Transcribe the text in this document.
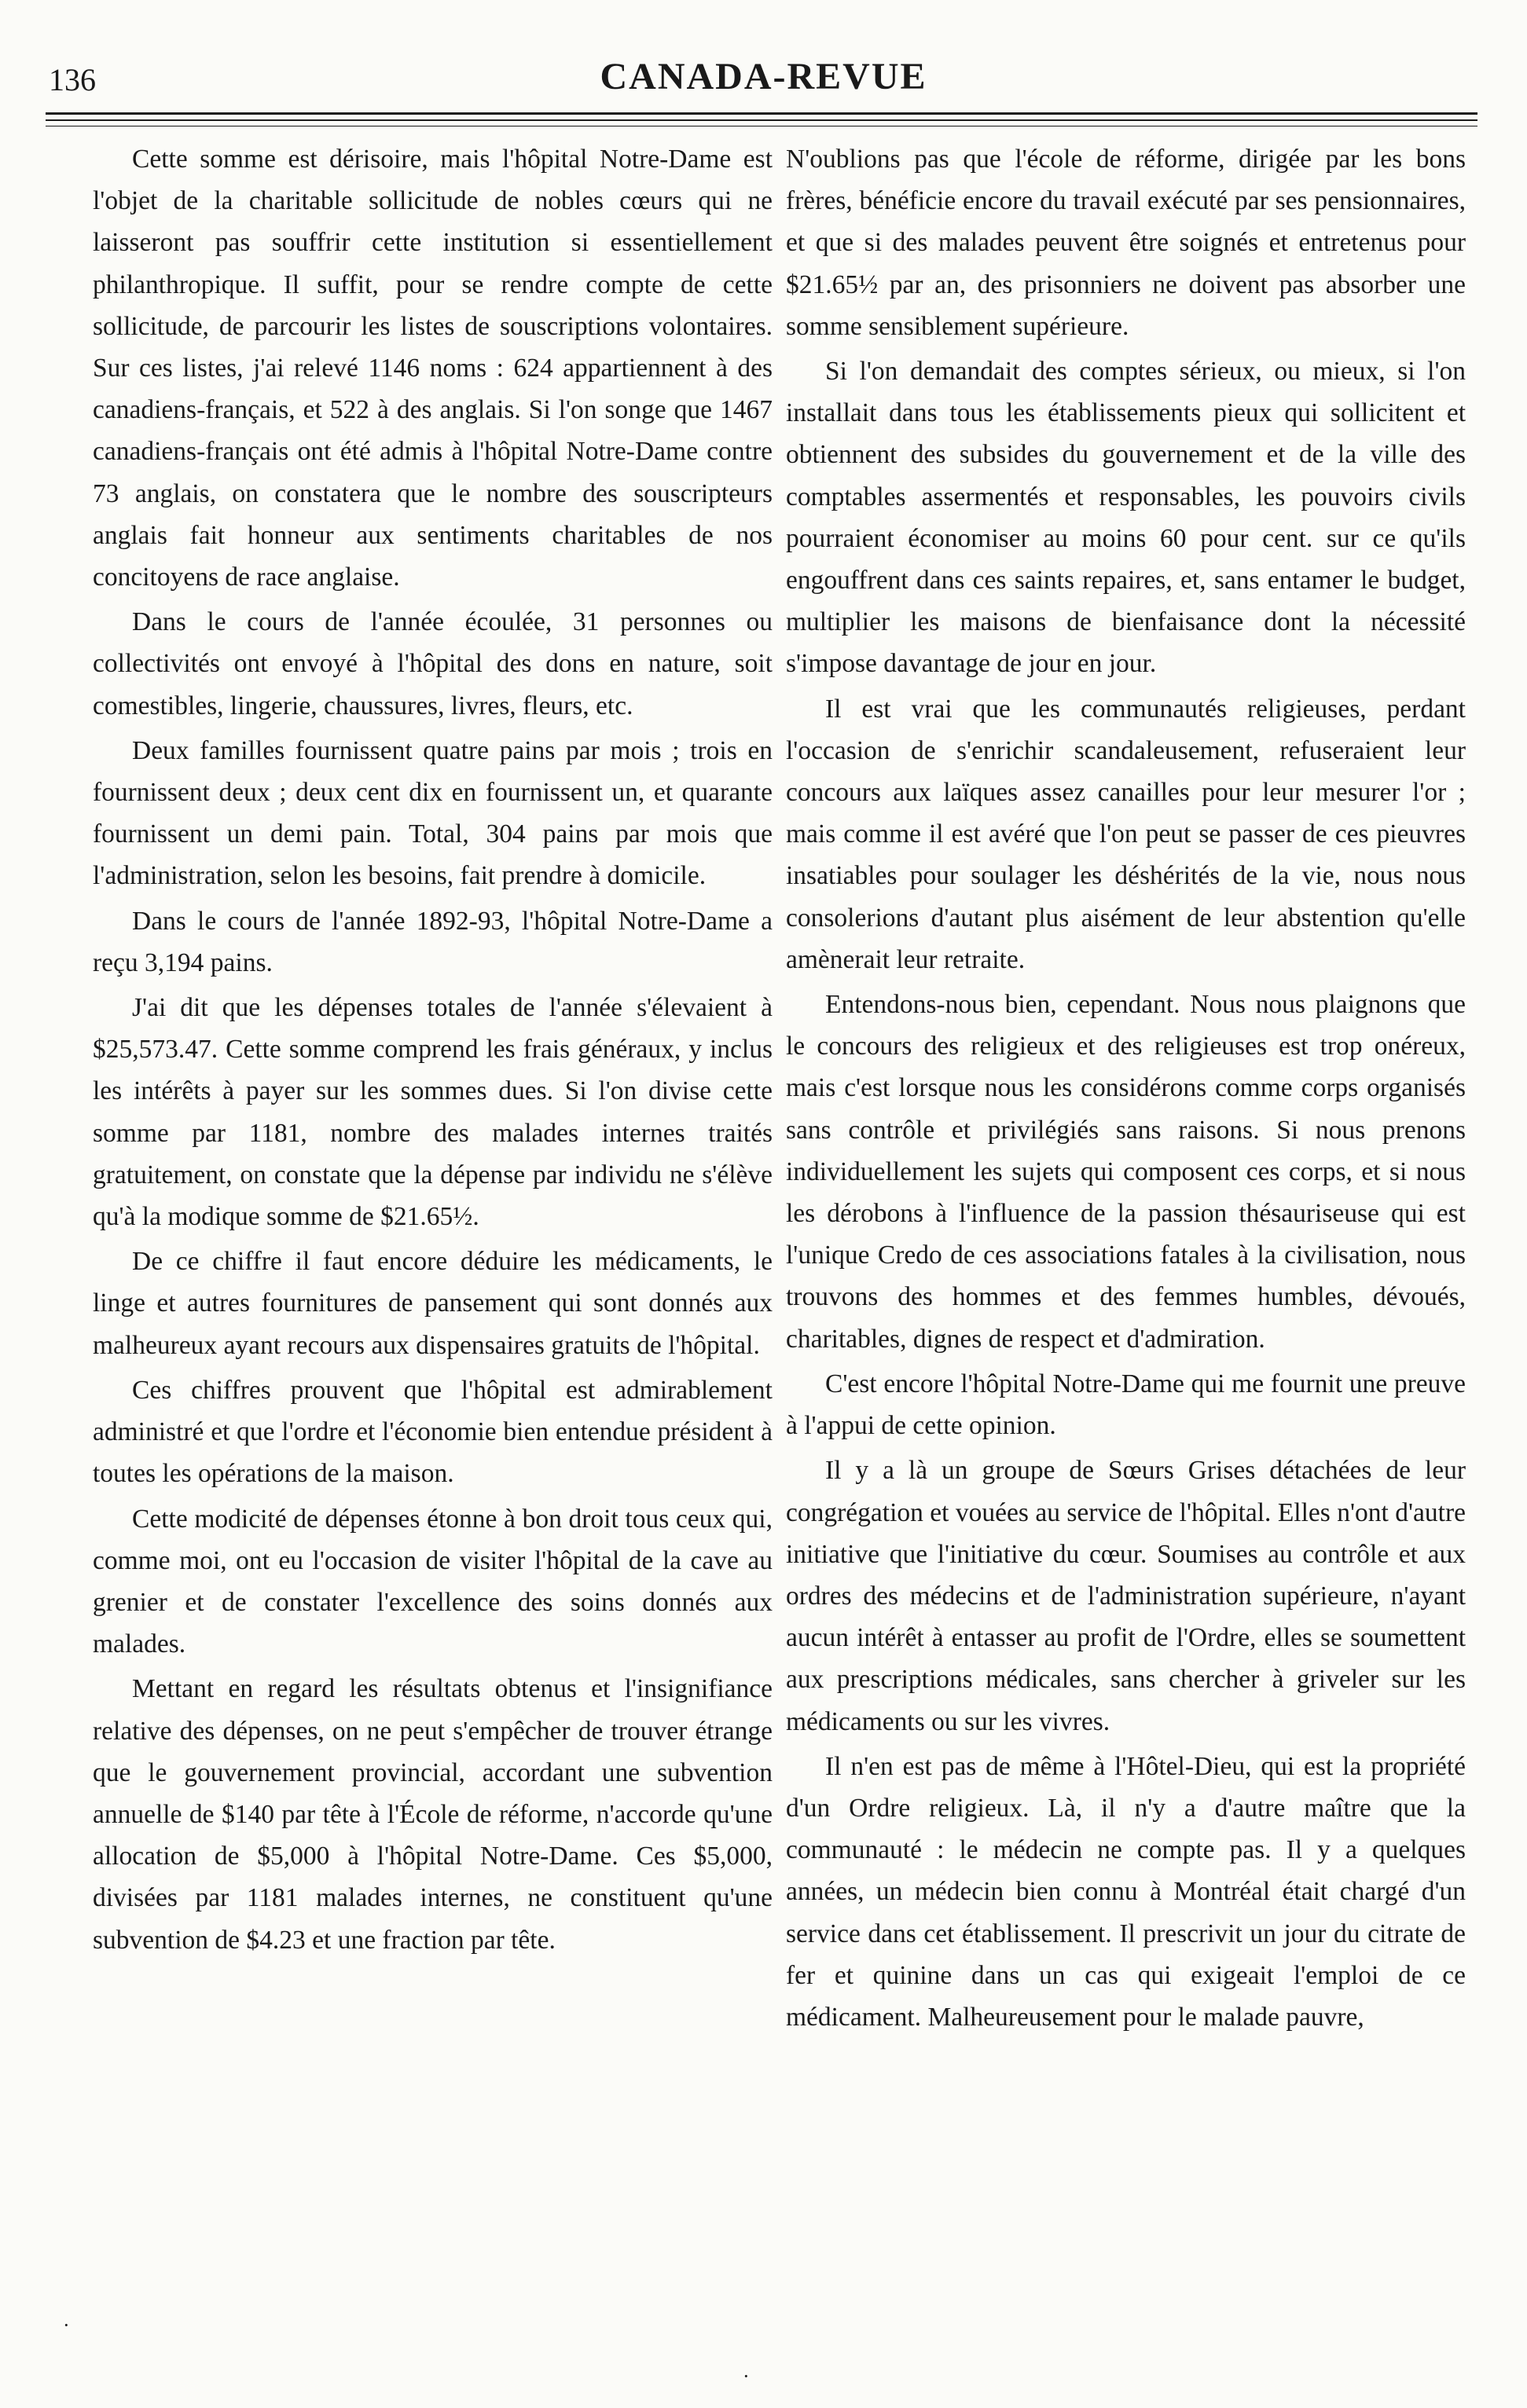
136	CANADA-REVUE

Cette somme est dérisoire, mais l'hôpital Notre-Dame est l'objet de la charitable sollicitude de nobles cœurs qui ne laisseront pas souffrir cette institution si essentiellement philanthropique. Il suffit, pour se rendre compte de cette sollicitude, de parcourir les listes de souscriptions volontaires. Sur ces listes, j'ai relevé 1146 noms : 624 appartiennent à des canadiens-français, et 522 à des anglais. Si l'on songe que 1467 canadiens-français ont été admis à l'hôpital Notre-Dame contre 73 anglais, on constatera que le nombre des souscripteurs anglais fait honneur aux sentiments charitables de nos concitoyens de race anglaise.

Dans le cours de l'année écoulée, 31 personnes ou collectivités ont envoyé à l'hôpital des dons en nature, soit comestibles, lingerie, chaussures, livres, fleurs, etc.

Deux familles fournissent quatre pains par mois ; trois en fournissent deux ; deux cent dix en fournissent un, et quarante fournissent un demi pain. Total, 304 pains par mois que l'administration, selon les besoins, fait prendre à domicile.

Dans le cours de l'année 1892-93, l'hôpital Notre-Dame a reçu 3,194 pains.

J'ai dit que les dépenses totales de l'année s'élevaient à $25,573.47. Cette somme comprend les frais généraux, y inclus les intérêts à payer sur les sommes dues. Si l'on divise cette somme par 1181, nombre des malades internes traités gratuitement, on constate que la dépense par individu ne s'élève qu'à la modique somme de $21.65½.

De ce chiffre il faut encore déduire les médicaments, le linge et autres fournitures de pansement qui sont donnés aux malheureux ayant recours aux dispensaires gratuits de l'hôpital.

Ces chiffres prouvent que l'hôpital est admirablement administré et que l'ordre et l'économie bien entendue président à toutes les opérations de la maison.

Cette modicité de dépenses étonne à bon droit tous ceux qui, comme moi, ont eu l'occasion de visiter l'hôpital de la cave au grenier et de constater l'excellence des soins donnés aux malades.

Mettant en regard les résultats obtenus et l'insignifiance relative des dépenses, on ne peut s'empêcher de trouver étrange que le gouvernement provincial, accordant une subvention annuelle de $140 par tête à l'École de réforme, n'accorde qu'une allocation de $5,000 à l'hôpital Notre-Dame. Ces $5,000, divisées par 1181 malades internes, ne constituent qu'une subvention de $4.23 et une fraction par tête.

N'oublions pas que l'école de réforme, dirigée par les bons frères, bénéficie encore du travail exécuté par ses pensionnaires, et que si des malades peuvent être soignés et entretenus pour $21.65½ par an, des prisonniers ne doivent pas absorber une somme sensiblement supérieure.

Si l'on demandait des comptes sérieux, ou mieux, si l'on installait dans tous les établissements pieux qui sollicitent et obtiennent des subsides du gouvernement et de la ville des comptables assermentés et responsables, les pouvoirs civils pourraient économiser au moins 60 pour cent. sur ce qu'ils engouffrent dans ces saints repaires, et, sans entamer le budget, multiplier les maisons de bienfaisance dont la nécessité s'impose davantage de jour en jour.

Il est vrai que les communautés religieuses, perdant l'occasion de s'enrichir scandaleusement, refuseraient leur concours aux laïques assez canailles pour leur mesurer l'or ; mais comme il est avéré que l'on peut se passer de ces pieuvres insatiables pour soulager les déshérités de la vie, nous nous consolerions d'autant plus aisément de leur abstention qu'elle amènerait leur retraite.

Entendons-nous bien, cependant. Nous nous plaignons que le concours des religieux et des religieuses est trop onéreux, mais c'est lorsque nous les considérons comme corps organisés sans contrôle et privilégiés sans raisons. Si nous prenons individuellement les sujets qui composent ces corps, et si nous les dérobons à l'influence de la passion thésauriseuse qui est l'unique Credo de ces associations fatales à la civilisation, nous trouvons des hommes et des femmes humbles, dévoués, charitables, dignes de respect et d'admiration.

C'est encore l'hôpital Notre-Dame qui me fournit une preuve à l'appui de cette opinion.

Il y a là un groupe de Sœurs Grises détachées de leur congrégation et vouées au service de l'hôpital. Elles n'ont d'autre initiative que l'initiative du cœur. Soumises au contrôle et aux ordres des médecins et de l'administration supérieure, n'ayant aucun intérêt à entasser au profit de l'Ordre, elles se soumettent aux prescriptions médicales, sans chercher à griveler sur les médicaments ou sur les vivres.

Il n'en est pas de même à l'Hôtel-Dieu, qui est la propriété d'un Ordre religieux. Là, il n'y a d'autre maître que la communauté : le médecin ne compte pas. Il y a quelques années, un médecin bien connu à Montréal était chargé d'un service dans cet établissement. Il prescrivit un jour du citrate de fer et quinine dans un cas qui exigeait l'emploi de ce médicament. Malheureusement pour le malade pauvre,

·
·
